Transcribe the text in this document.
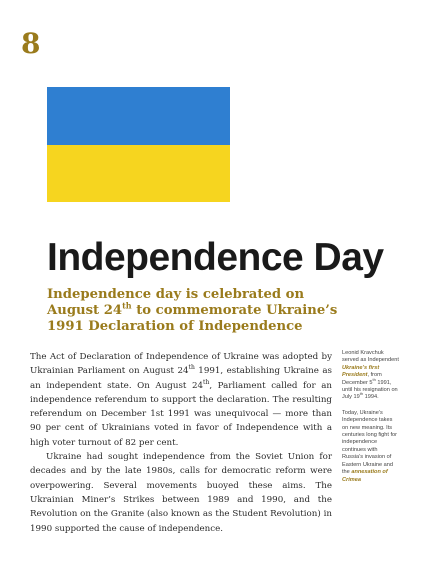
8
Independence Day
Independence day is celebrated on August 24th to commemorate Ukraine’s 1991 Declaration of Independence

The Act of Declaration of Independence of Ukraine was adopted by Ukrainian Parliament on August 24th 1991, establishing Ukraine as an independent state. On August 24th, Parliament called for an independence referendum to support the declaration. The resulting referendum on December 1st 1991 was unequivocal — more than 90 per cent of Ukrainians voted in favor of Independence with a high voter turnout of 82 per cent.

Ukraine had sought independence from the Soviet Union for decades and by the late 1980s, calls for democratic reform were overpowering. Several movements buoyed these aims. The Ukrainian Miner’s Strikes between 1989 and 1990, and the Revolution on the Granite (also known as the Student Revolution) in 1990 supported the cause of independence.

Leonid Kravchuk served as Independent Ukraine’s first President, from December 5th 1991, until his resignation on July 19th 1994.

Today, Ukraine’s Independence takes on new meaning. Its centuries long fight for independence continues with Russia’s invasion of Eastern Ukraine and the annexation of Crimea
